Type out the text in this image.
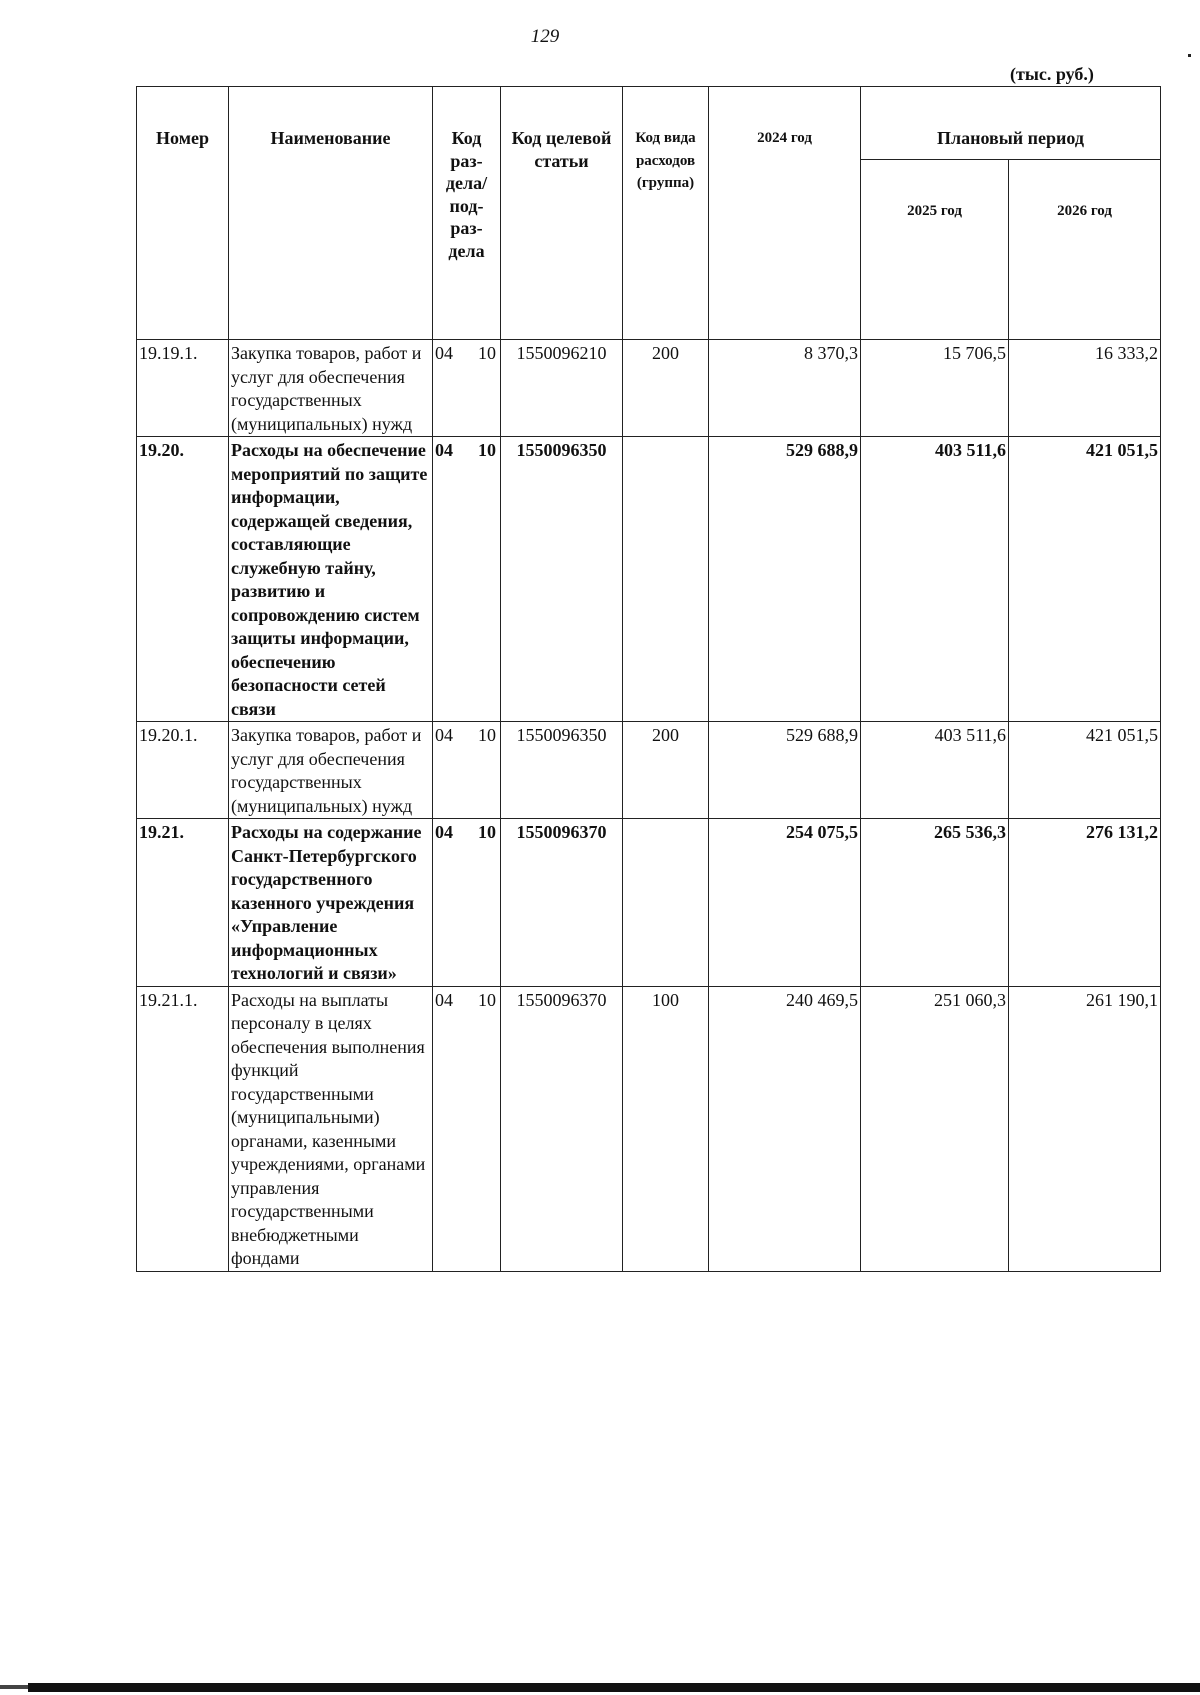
129
(тыс. руб.)
Номер	Наименование	Код раз- дела/ под- раз- дела	Код целевой статьи	Код вида расходов (группа)	2024 год	Плановый период	
						2025 год	2026 год
19.19.1.	Закупка товаров, работ и услуг для обеспечения государственных (муниципальных) нужд	04 10	1550096210	200	8 370,3	15 706,5	16 333,2
19.20.	Расходы на обеспечение мероприятий по защите информации, содержащей сведения, составляющие служебную тайну, развитию и сопровождению систем защиты информации, обеспечению безопасности сетей связи	04 10	1550096350		529 688,9	403 511,6	421 051,5
19.20.1.	Закупка товаров, работ и услуг для обеспечения государственных (муниципальных) нужд	04 10	1550096350	200	529 688,9	403 511,6	421 051,5
19.21.	Расходы на содержание Санкт-Петербургского государственного казенного учреждения «Управление информационных технологий и связи»	04 10	1550096370		254 075,5	265 536,3	276 131,2
19.21.1.	Расходы на выплаты персоналу в целях обеспечения выполнения функций государственными (муниципальными) органами, казенными учреждениями, органами управления государственными внебюджетными фондами	04 10	1550096370	100	240 469,5	251 060,3	261 190,1
